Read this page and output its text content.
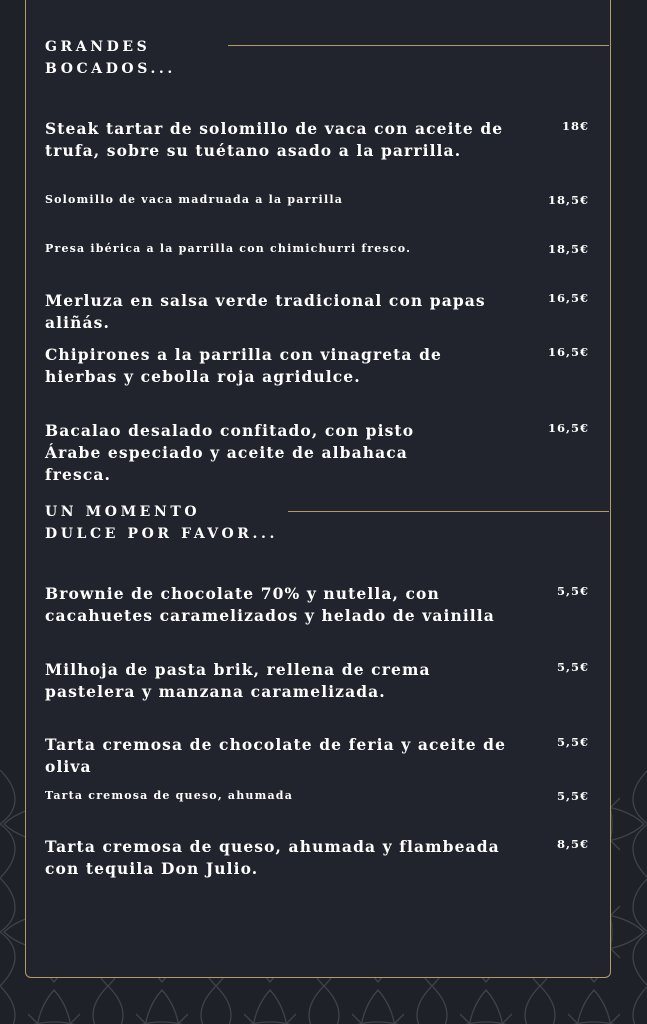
GRANDES
BOCADOS...
Steak tartar de solomillo de vaca con aceite de trufa, sobre su tuétano asado a la parrilla.
18€
Solomillo de vaca madruada a la parrilla	18,5€
Presa ibérica a la parrilla con chimichurri fresco.	18,5€
Merluza en salsa verde tradicional con papas aliñás.
16,5€
Chipirones a la parrilla con vinagreta de hierbas y cebolla roja agridulce.
16,5€
Bacalao desalado confitado, con pisto Árabe especiado y aceite de albahaca fresca.
16,5€
UN MOMENTO
DULCE POR FAVOR...
Brownie de chocolate 70% y nutella, con cacahuetes caramelizados y helado de vainilla
5,5€
Milhoja de pasta brik, rellena de crema pastelera y manzana caramelizada.
5,5€
Tarta cremosa de chocolate de feria y aceite de oliva
5,5€
Tarta cremosa de queso, ahumada	5,5€
Tarta cremosa de queso, ahumada y flambeada con tequila Don Julio.
8,5€
